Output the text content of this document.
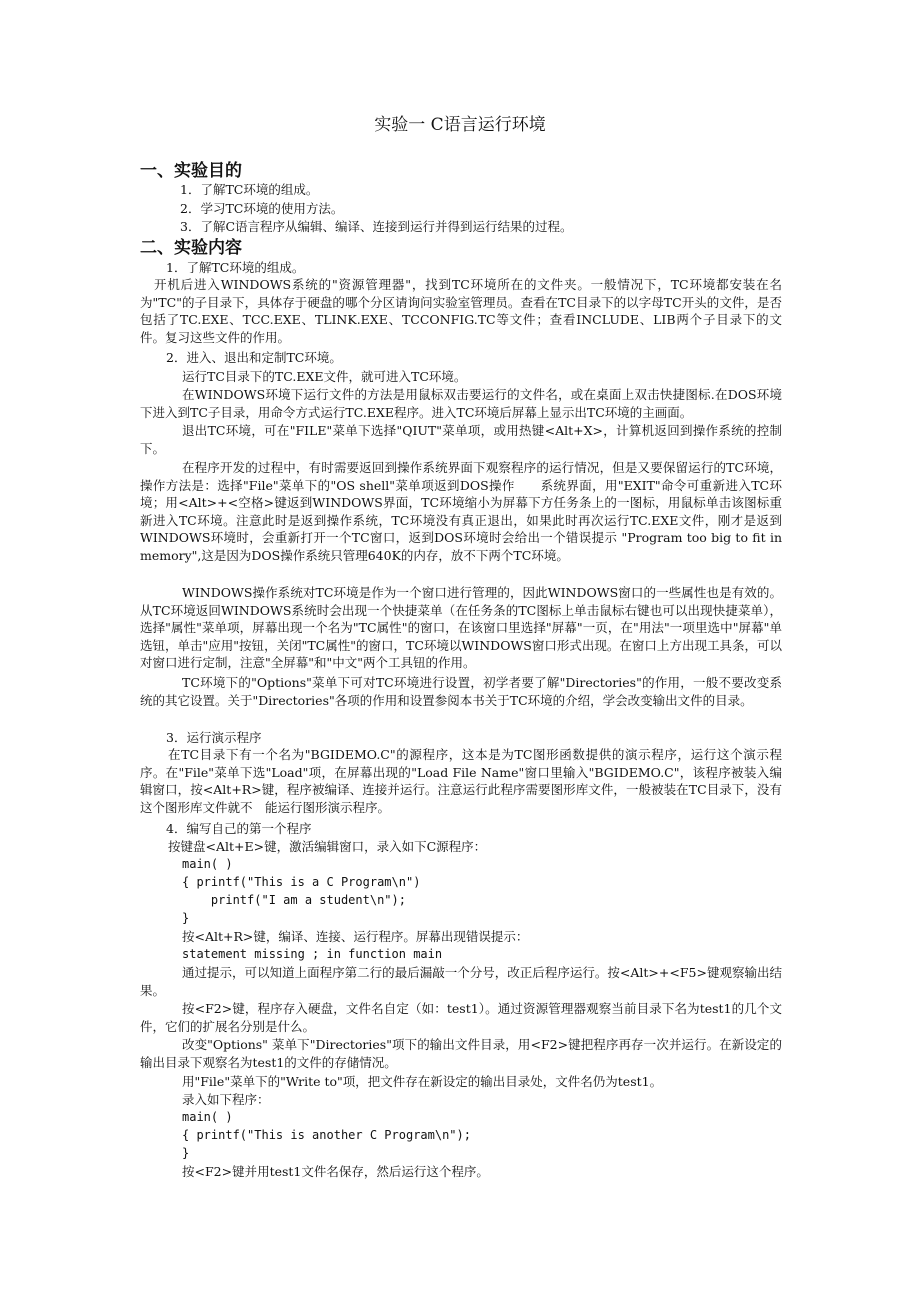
实验一 C语言运行环境
一、实验目的
1．了解TC环境的组成。
2．学习TC环境的使用方法。
3．了解C语言程序从编辑、编译、连接到运行并得到运行结果的过程。
二、实验内容
1．了解TC环境的组成。

开机后进入WINDOWS系统的"资源管理器"，找到TC环境所在的文件夹。一般情况下，TC环境都安装在名为"TC"的子目录下，具体存于硬盘的哪个分区请询问实验室管理员。查看在TC目录下的以字母TC开头的文件，是否包括了TC.EXE、TCC.EXE、TLINK.EXE、TCCONFIG.TC等文件；查看INCLUDE、LIB两个子目录下的文件。复习这些文件的作用。

2．进入、退出和定制TC环境。
运行TC目录下的TC.EXE文件，就可进入TC环境。

在WINDOWS环境下运行文件的方法是用鼠标双击要运行的文件名，或在桌面上双击快捷图标.在DOS环境下进入到TC子目录，用命令方式运行TC.EXE程序。进入TC环境后屏幕上显示出TC环境的主画面。

退出TC环境，可在"FILE"菜单下选择"QIUT"菜单项，或用热键<Alt+X>，计算机返回到操作系统的控制下。

在程序开发的过程中，有时需要返回到操作系统界面下观察程序的运行情况，但是又要保留运行的TC环境，操作方法是：选择"File"菜单下的"OS shell"菜单项返到DOS操作　　系统界面，用"EXIT"命令可重新进入TC环境；用<Alt>+<空格>键返到WINDOWS界面，TC环境缩小为屏幕下方任务条上的一图标，用鼠标单击该图标重新进入TC环境。注意此时是返到操作系统，TC环境没有真正退出，如果此时再次运行TC.EXE文件，刚才是返到WINDOWS环境时，会重新打开一个TC窗口，返到DOS环境时会给出一个错误提示 "Program too big to fit in memory",这是因为DOS操作系统只管理640K的内存，放不下两个TC环境。

WINDOWS操作系统对TC环境是作为一个窗口进行管理的，因此WINDOWS窗口的一些属性也是有效的。从TC环境返回WINDOWS系统时会出现一个快捷菜单（在任务条的TC图标上单击鼠标右键也可以出现快捷菜单），选择"属性"菜单项，屏幕出现一个名为"TC属性"的窗口，在该窗口里选择"屏幕"一页，在"用法"一项里选中"屏幕"单选钮，单击"应用"按钮，关闭"TC属性"的窗口，TC环境以WINDOWS窗口形式出现。在窗口上方出现工具条，可以对窗口进行定制，注意"全屏幕"和"中文"两个工具钮的作用。

TC环境下的"Options"菜单下可对TC环境进行设置，初学者要了解"Directories"的作用，一般不要改变系统的其它设置。关于"Directories"各项的作用和设置参阅本书关于TC环境的介绍，学会改变输出文件的目录。

3．运行演示程序

在TC目录下有一个名为"BGIDEMO.C"的源程序，这本是为TC图形函数提供的演示程序，运行这个演示程序。在"File"菜单下选"Load"项，在屏幕出现的"Load File Name"窗口里输入"BGIDEMO.C"，该程序被装入编辑窗口，按<Alt+R>键，程序被编译、连接并运行。注意运行此程序需要图形库文件，一般被装在TC目录下，没有这个图形库文件就不　能运行图形演示程序。

4．编写自己的第一个程序
按键盘<Alt+E>键，激活编辑窗口，录入如下C源程序：
main( )
{ printf("This is a C Program\n")
printf("I am a student\n");
}
按<Alt+R>键，编译、连接、运行程序。屏幕出现错误提示：
statement missing ; in function main

通过提示，可以知道上面程序第二行的最后漏敲一个分号，改正后程序运行。按<Alt>+<F5>键观察输出结果。

按<F2>键，程序存入硬盘，文件名自定（如：test1）。通过资源管理器观察当前目录下名为test1的几个文件，它们的扩展名分别是什么。

改变"Options" 菜单下"Directories"项下的输出文件目录，用<F2>键把程序再存一次并运行。在新设定的输出目录下观察名为test1的文件的存储情况。

用"File"菜单下的"Write to"项，把文件存在新设定的输出目录处，文件名仍为test1。
录入如下程序：
main( )
{ printf("This is another C Program\n");
}
按<F2>键并用test1文件名保存，然后运行这个程序。
